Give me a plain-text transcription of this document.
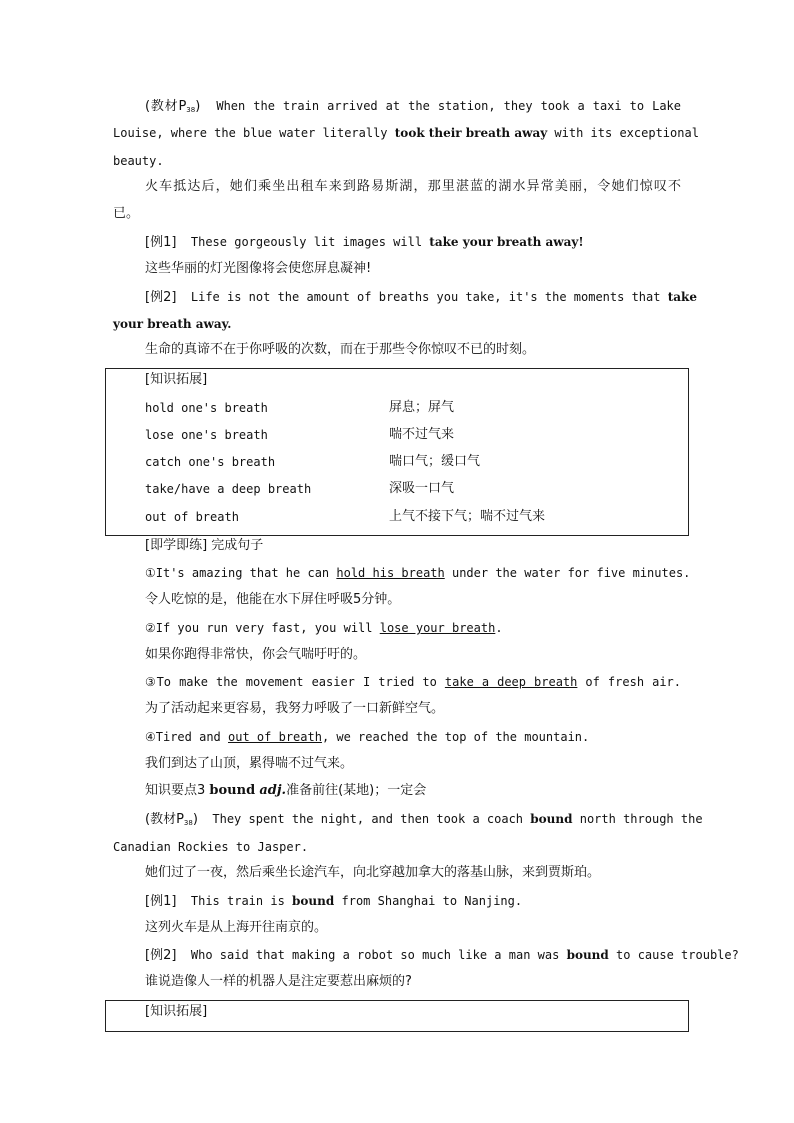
(教材$P_{38}$) When the train arrived at the station, they took a taxi to Lake
Louise, where the blue water literally took their breath away with its exceptional
beauty.
火车抵达后，她们乘坐出租车来到路易斯湖，那里湛蓝的湖水异常美丽，令她们惊叹不
已。
[例1] These gorgeously lit images will take your breath away!
这些华丽的灯光图像将会使您屏息凝神!
[例2] Life is not the amount of breaths you take, it's the moments that take
your breath away.
生命的真谛不在于你呼吸的次数，而在于那些令你惊叹不已的时刻。
[知识拓展]
hold one's breath	屏息；屏气
lose one's breath	喘不过气来
catch one's breath	喘口气；缓口气
take/have a deep breath	深吸一口气
out of breath	上气不接下气；喘不过气来
[即学即练] 完成句子
①It's amazing that he can hold his breath under the water for five minutes.
令人吃惊的是，他能在水下屏住呼吸5分钟。
②If you run very fast, you will lose your breath.
如果你跑得非常快，你会气喘吁吁的。
③To make the movement easier I tried to take a deep breath of fresh air.
为了活动起来更容易，我努力呼吸了一口新鲜空气。
④Tired and out of breath, we reached the top of the mountain.
我们到达了山顶，累得喘不过气来。
知识要点3 bound adj.准备前往(某地)；一定会
(教材$P_{38}$) They spent the night, and then took a coach bound north through the
Canadian Rockies to Jasper.
她们过了一夜，然后乘坐长途汽车，向北穿越加拿大的落基山脉，来到贾斯珀。
[例1] This train is bound from Shanghai to Nanjing.
这列火车是从上海开往南京的。
[例2] Who said that making a robot so much like a man was bound to cause trouble?
谁说造像人一样的机器人是注定要惹出麻烦的?
[知识拓展]
